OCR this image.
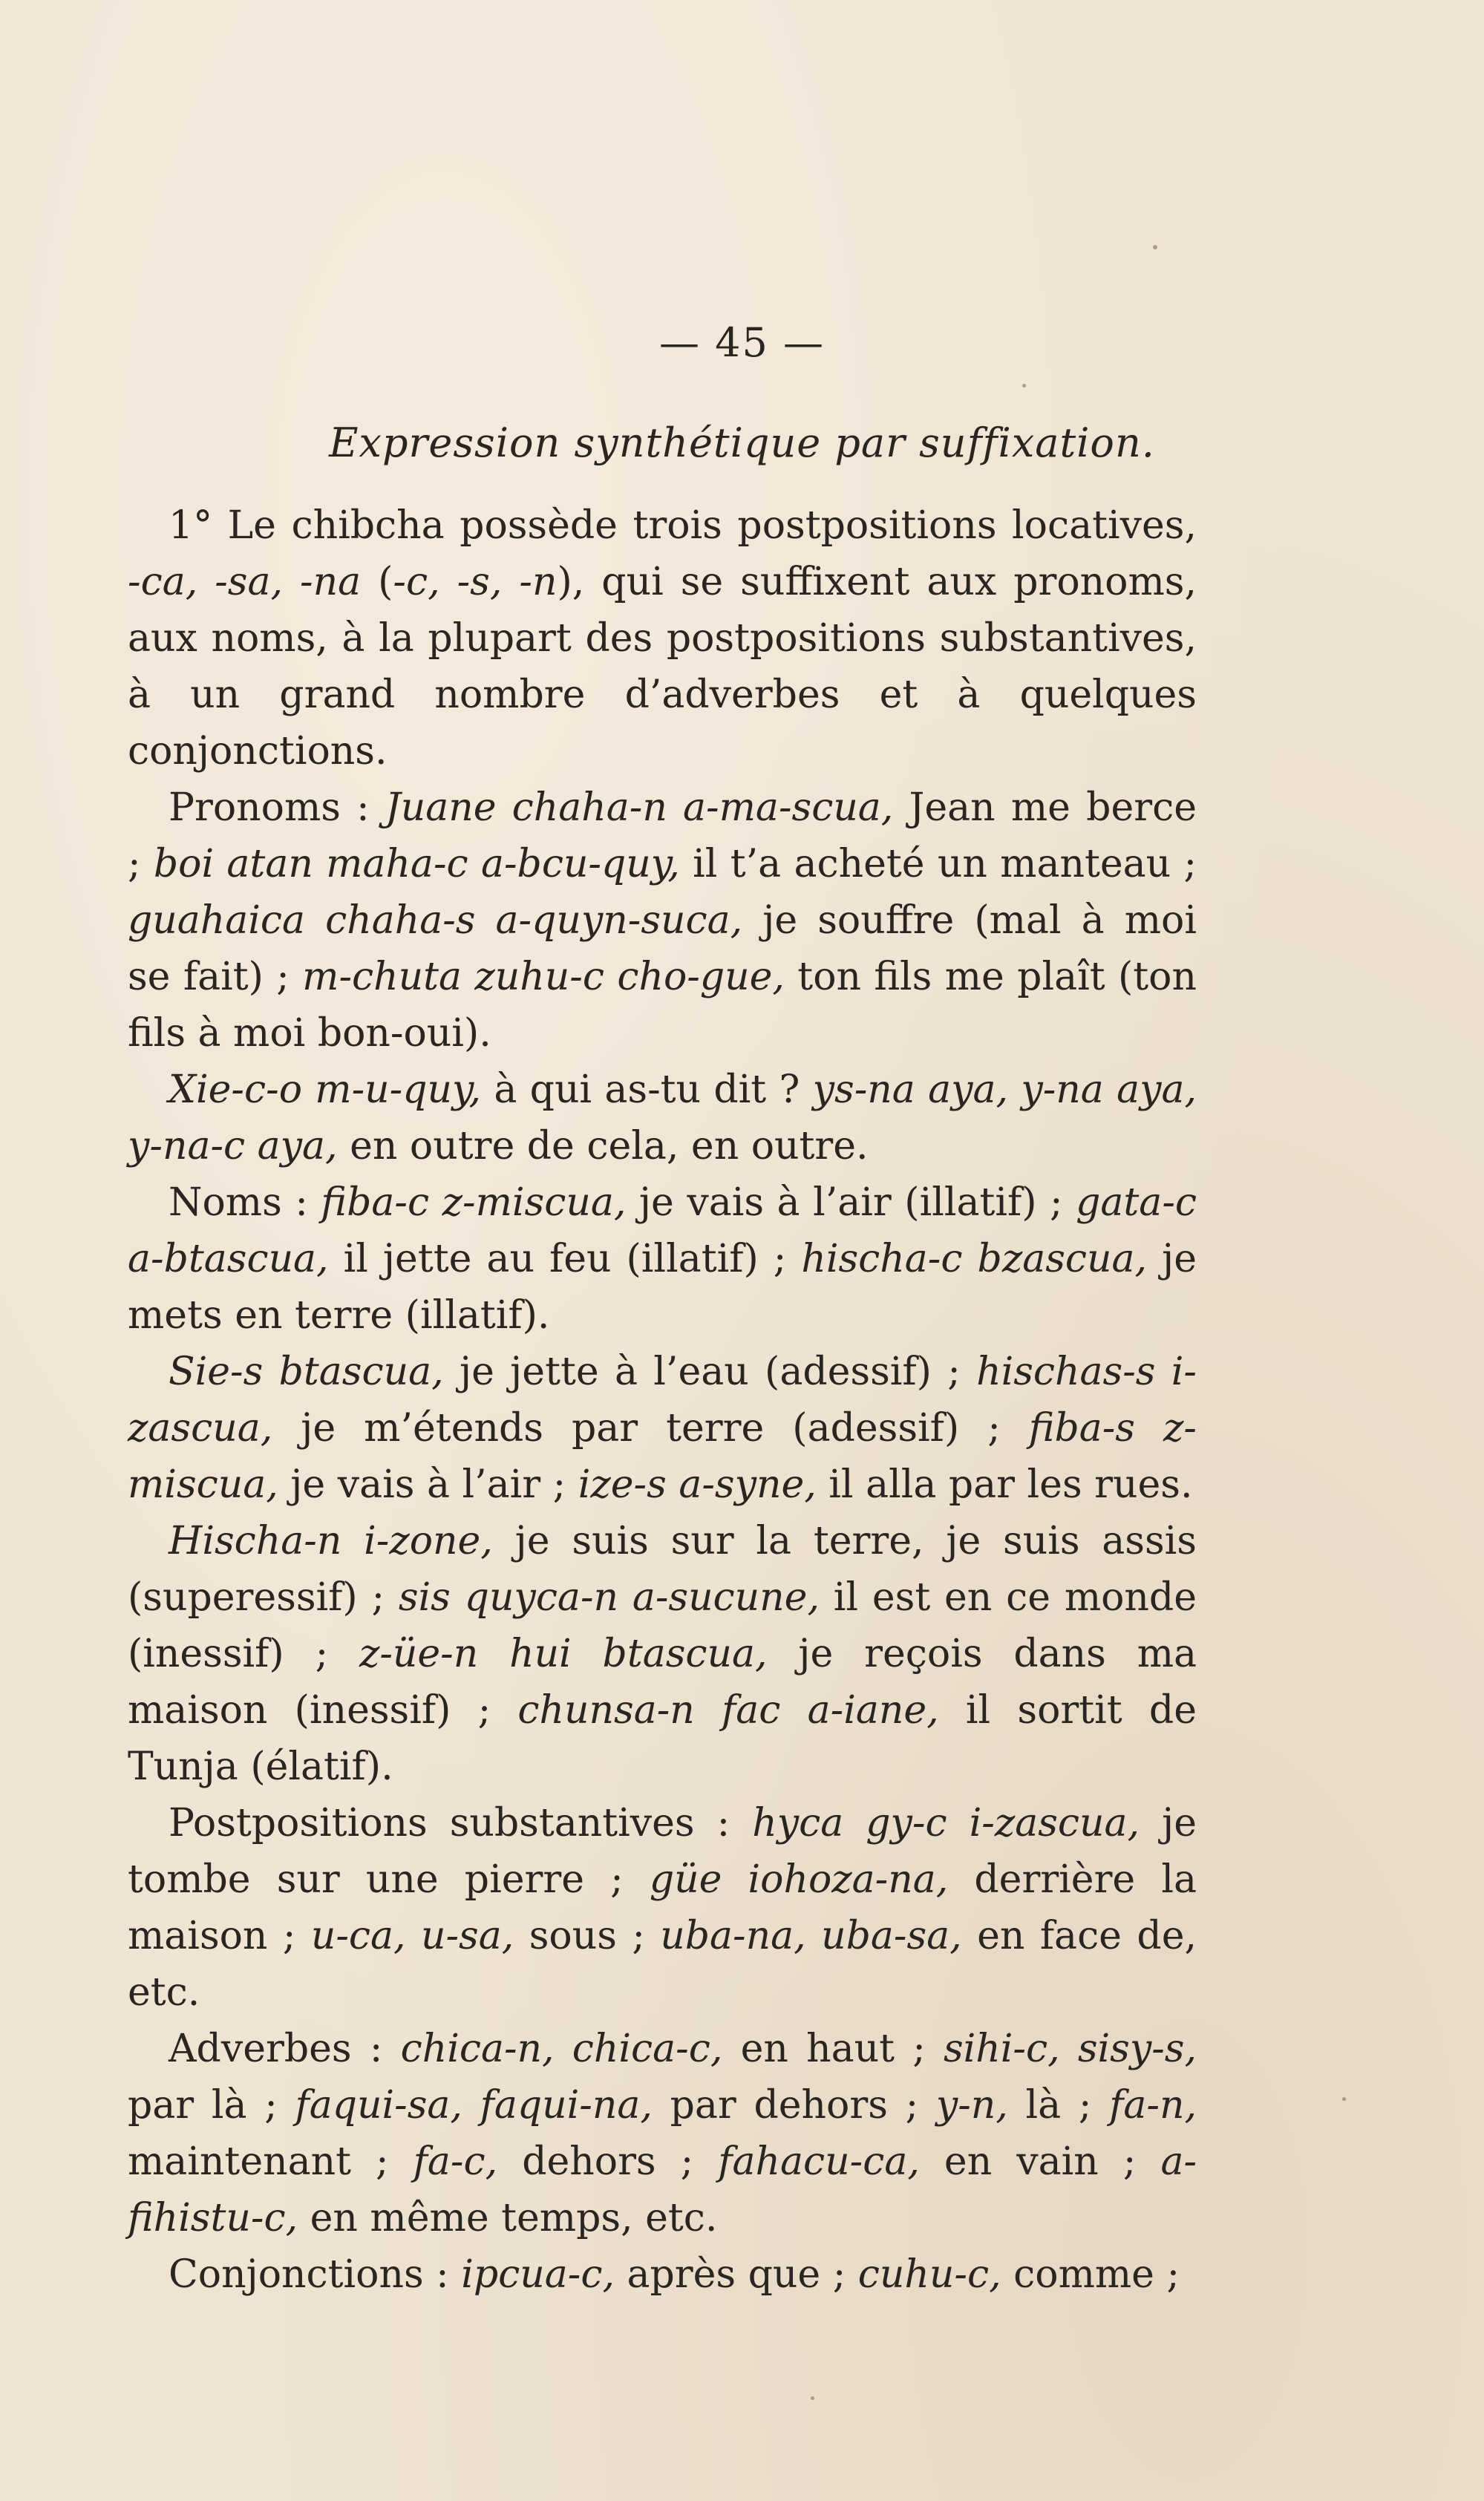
— 45 —
Expression synthétique par suffixation.

1° Le chibcha possède trois postpositions locatives, -ca, -sa, -na (-c, -s, -n), qui se suffixent aux pronoms, aux noms, à la plupart des postpositions substantives, à un grand nombre d’adverbes et à quelques conjonctions.

Pronoms : Juane chaha-n a-ma-scua, Jean me berce ; boi atan maha-c a-bcu-quy, il t’a acheté un manteau ; guahaica chaha-s a-quyn-suca, je souffre (mal à moi se fait) ; m-chuta zuhu-c cho-gue, ton fils me plaît (ton fils à moi bon-oui).

Xie-c-o m-u-quy, à qui as-tu dit ? ys-na aya, y-na aya, y-na-c aya, en outre de cela, en outre.

Noms : fiba-c z-miscua, je vais à l’air (illatif) ; gata-c a-btascua, il jette au feu (illatif) ; hischa-c bzascua, je mets en terre (illatif).

Sie-s btascua, je jette à l’eau (adessif) ; hischas-s i-zascua, je m’étends par terre (adessif) ; fiba-s z-miscua, je vais à l’air ; ize-s a-syne, il alla par les rues.

Hischa-n i-zone, je suis sur la terre, je suis assis (superessif) ; sis quyca-n a-sucune, il est en ce monde (inessif) ; z-üe-n hui btascua, je reçois dans ma maison (inessif) ; chunsa-n fac a-iane, il sortit de Tunja (élatif).

Postpositions substantives : hyca gy-c i-zascua, je tombe sur une pierre ; güe iohoza-na, derrière la maison ; u-ca, u-sa, sous ; uba-na, uba-sa, en face de, etc.

Adverbes : chica-n, chica-c, en haut ; sihi-c, sisy-s, par là ; faqui-sa, faqui-na, par dehors ; y-n, là ; fa-n, maintenant ; fa-c, dehors ; fahacu-ca, en vain ; a-fihistu-c, en même temps, etc.

Conjonctions : ipcua-c, après que ; cuhu-c, comme ;
